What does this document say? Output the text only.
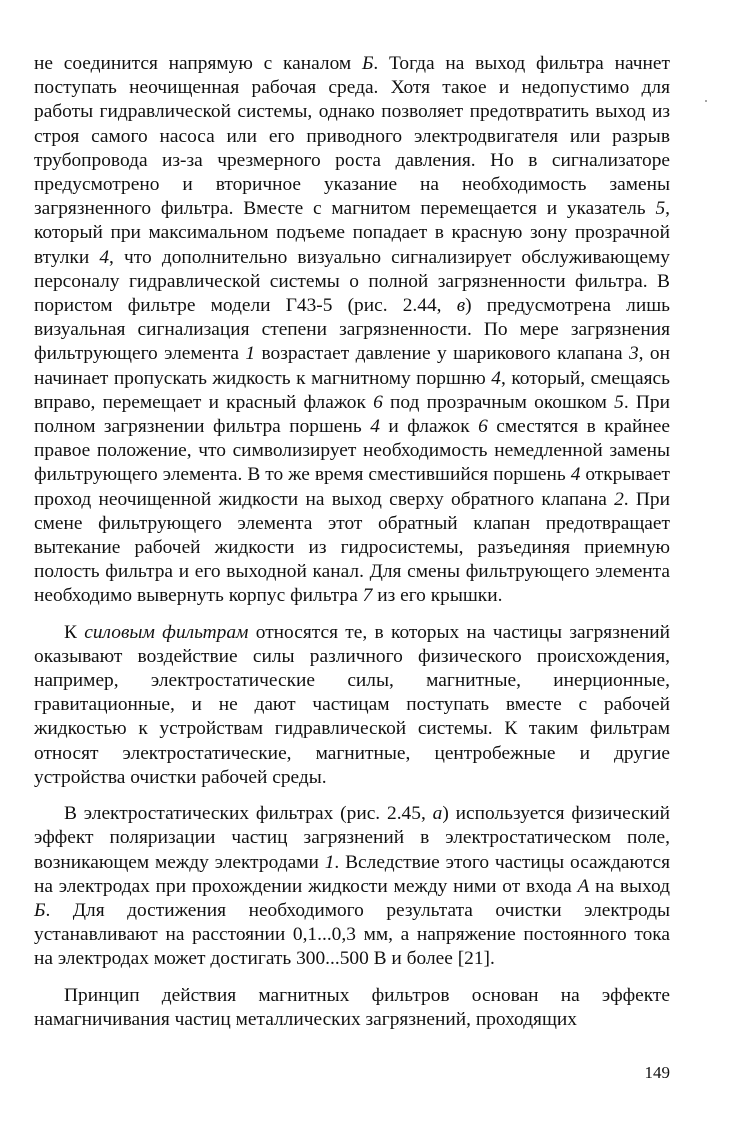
не соединится напрямую с каналом Б. Тогда на выход фильтра начнет поступать неочищенная рабочая среда. Хотя такое и недопустимо для работы гидравлической системы, однако позволяет предотвратить выход из строя самого насоса или его приводного электродвигателя или разрыв трубопровода из-за чрезмерного роста давления. Но в сигнализаторе предусмотрено и вторичное указание на необходимость замены загрязненного фильтра. Вместе с магнитом перемещается и указатель 5, который при максимальном подъеме попадает в красную зону прозрачной втулки 4, что дополнительно визуально сигнализирует обслуживающему персоналу гидравлической системы о полной загрязненности фильтра. В пористом фильтре модели Г43-5 (рис. 2.44, в) предусмотрена лишь визуальная сигнализация степени загрязненности. По мере загрязнения фильтрующего элемента 1 возрастает давление у шарикового клапана 3, он начинает пропускать жидкость к магнитному поршню 4, который, смещаясь вправо, перемещает и красный флажок 6 под прозрачным окошком 5. При полном загрязнении фильтра поршень 4 и флажок 6 сместятся в крайнее правое положение, что символизирует необходимость немедленной замены фильтрующего элемента. В то же время сместившийся поршень 4 открывает проход неочищенной жидкости на выход сверху обратного клапана 2. При смене фильтрующего элемента этот обратный клапан предотвращает вытекание рабочей жидкости из гидросистемы, разъединяя приемную полость фильтра и его выходной канал. Для смены фильтрующего элемента необходимо вывернуть корпус фильтра 7 из его крышки.

К силовым фильтрам относятся те, в которых на частицы загрязнений оказывают воздействие силы различного физического происхождения, например, электростатические силы, магнитные, инерционные, гравитационные, и не дают частицам поступать вместе с рабочей жидкостью к устройствам гидравлической системы. К таким фильтрам относят электростатические, магнитные, центробежные и другие устройства очистки рабочей среды.

В электростатических фильтрах (рис. 2.45, а) используется физический эффект поляризации частиц загрязнений в электростатическом поле, возникающем между электродами 1. Вследствие этого частицы осаждаются на электродах при прохождении жидкости между ними от входа А на выход Б. Для достижения необходимого результата очистки электроды устанавливают на расстоянии 0,1...0,3 мм, а напряжение постоянного тока на электродах может достигать 300...500 В и более [21].

Принцип действия магнитных фильтров основан на эффекте намагничивания частиц металлических загрязнений, проходящих

149
